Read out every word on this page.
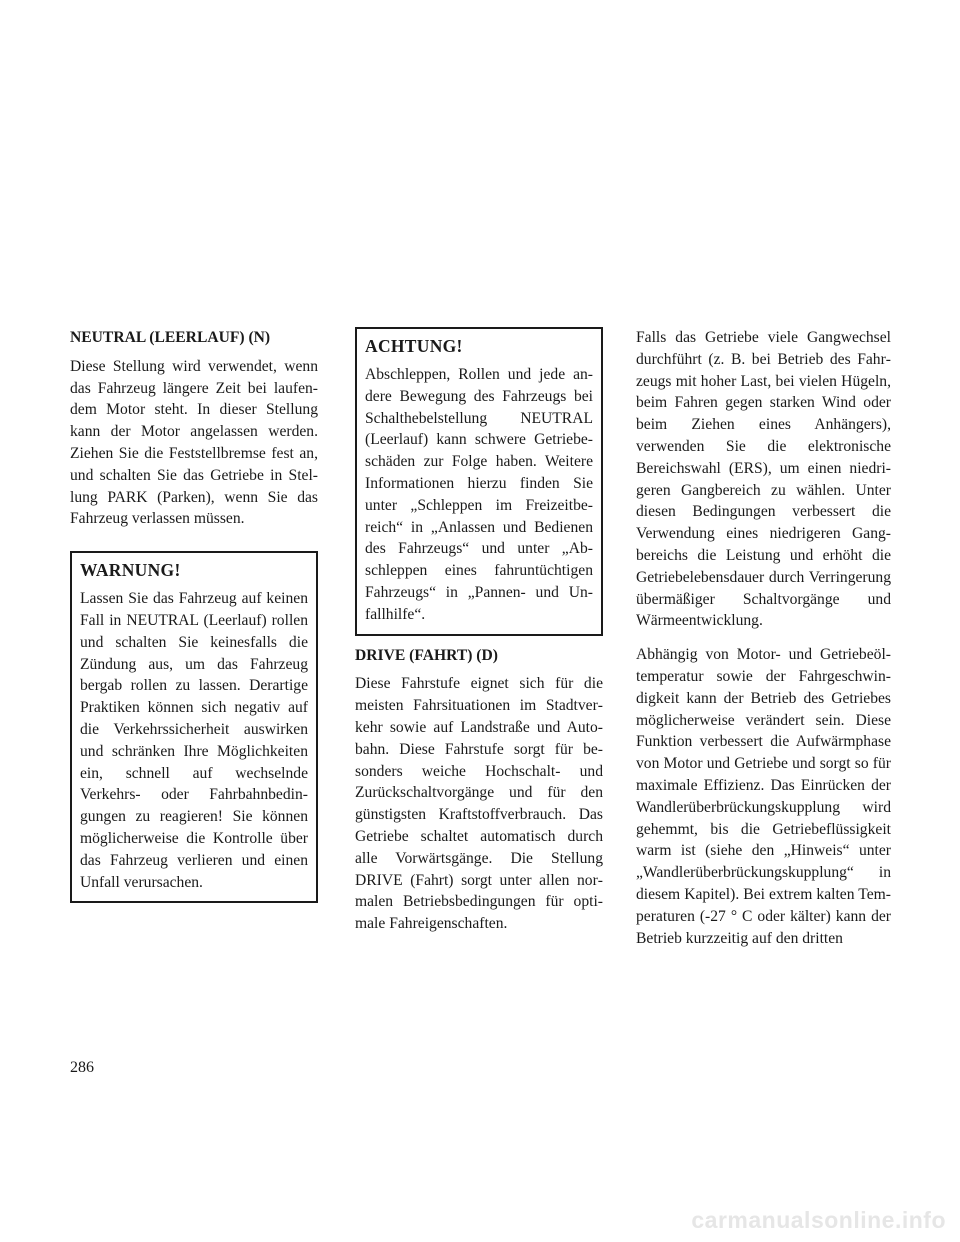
NEUTRAL (LEERLAUF) (N)

Diese Stellung wird verwendet, wenn das Fahrzeug längere Zeit bei laufendem Motor steht. In dieser Stellung kann der Motor angelassen werden. Ziehen Sie die Feststellbremse fest an, und schalten Sie das Getriebe in Stellung PARK (Parken), wenn Sie das Fahrzeug verlassen müssen.

WARNUNG!

Lassen Sie das Fahrzeug auf keinen Fall in NEUTRAL (Leerlauf) rollen und schalten Sie keinesfalls die Zündung aus, um das Fahrzeug bergab rollen zu lassen. Derartige Praktiken können sich negativ auf die Verkehrssicherheit auswirken und schränken Ihre Möglichkeiten ein, schnell auf wechselnde Verkehrs- oder Fahrbahnbedingungen zu reagieren! Sie können möglicherweise die Kontrolle über das Fahrzeug verlieren und einen Unfall verursachen.

ACHTUNG!

Abschleppen, Rollen und jede andere Bewegung des Fahrzeugs bei Schalthebelstellung NEUTRAL (Leerlauf) kann schwere Getriebeschäden zur Folge haben. Weitere Informationen hierzu finden Sie unter „Schleppen im Freizeitbereich“ in „Anlassen und Bedienen des Fahrzeugs“ und unter „Abschleppen eines fahruntüchtigen Fahrzeugs“ in „Pannen- und Unfallhilfe“.

DRIVE (FAHRT) (D)

Diese Fahrstufe eignet sich für die meisten Fahrsituationen im Stadtverkehr sowie auf Landstraße und Autobahn. Diese Fahrstufe sorgt für besonders weiche Hochschalt- und Zurückschaltvorgänge und für den günstigsten Kraftstoffverbrauch. Das Getriebe schaltet automatisch durch alle Vorwärtsgänge. Die Stellung DRIVE (Fahrt) sorgt unter allen normalen Betriebsbedingungen für optimale Fahreigenschaften.

Falls das Getriebe viele Gangwechsel durchführt (z. B. bei Betrieb des Fahrzeugs mit hoher Last, bei vielen Hügeln, beim Fahren gegen starken Wind oder beim Ziehen eines Anhängers), verwenden Sie die elektronische Bereichswahl (ERS), um einen niedrigeren Gangbereich zu wählen. Unter diesen Bedingungen verbessert die Verwendung eines niedrigeren Gangbereichs die Leistung und erhöht die Getriebelebensdauer durch Verringerung übermäßiger Schaltvorgänge und Wärmeentwicklung.

Abhängig von Motor- und Getriebeöltemperatur sowie der Fahrgeschwindigkeit kann der Betrieb des Getriebes möglicherweise verändert sein. Diese Funktion verbessert die Aufwärmphase von Motor und Getriebe und sorgt so für maximale Effizienz. Das Einrücken der Wandlerüberbrückungskupplung wird gehemmt, bis die Getriebeflüssigkeit warm ist (siehe den „Hinweis“ unter „Wandlerüberbrückungskupplung“ in diesem Kapitel). Bei extrem kalten Temperaturen (-27 ° C oder kälter) kann der Betrieb kurzzeitig auf den dritten

286
carmanualsonline.info
